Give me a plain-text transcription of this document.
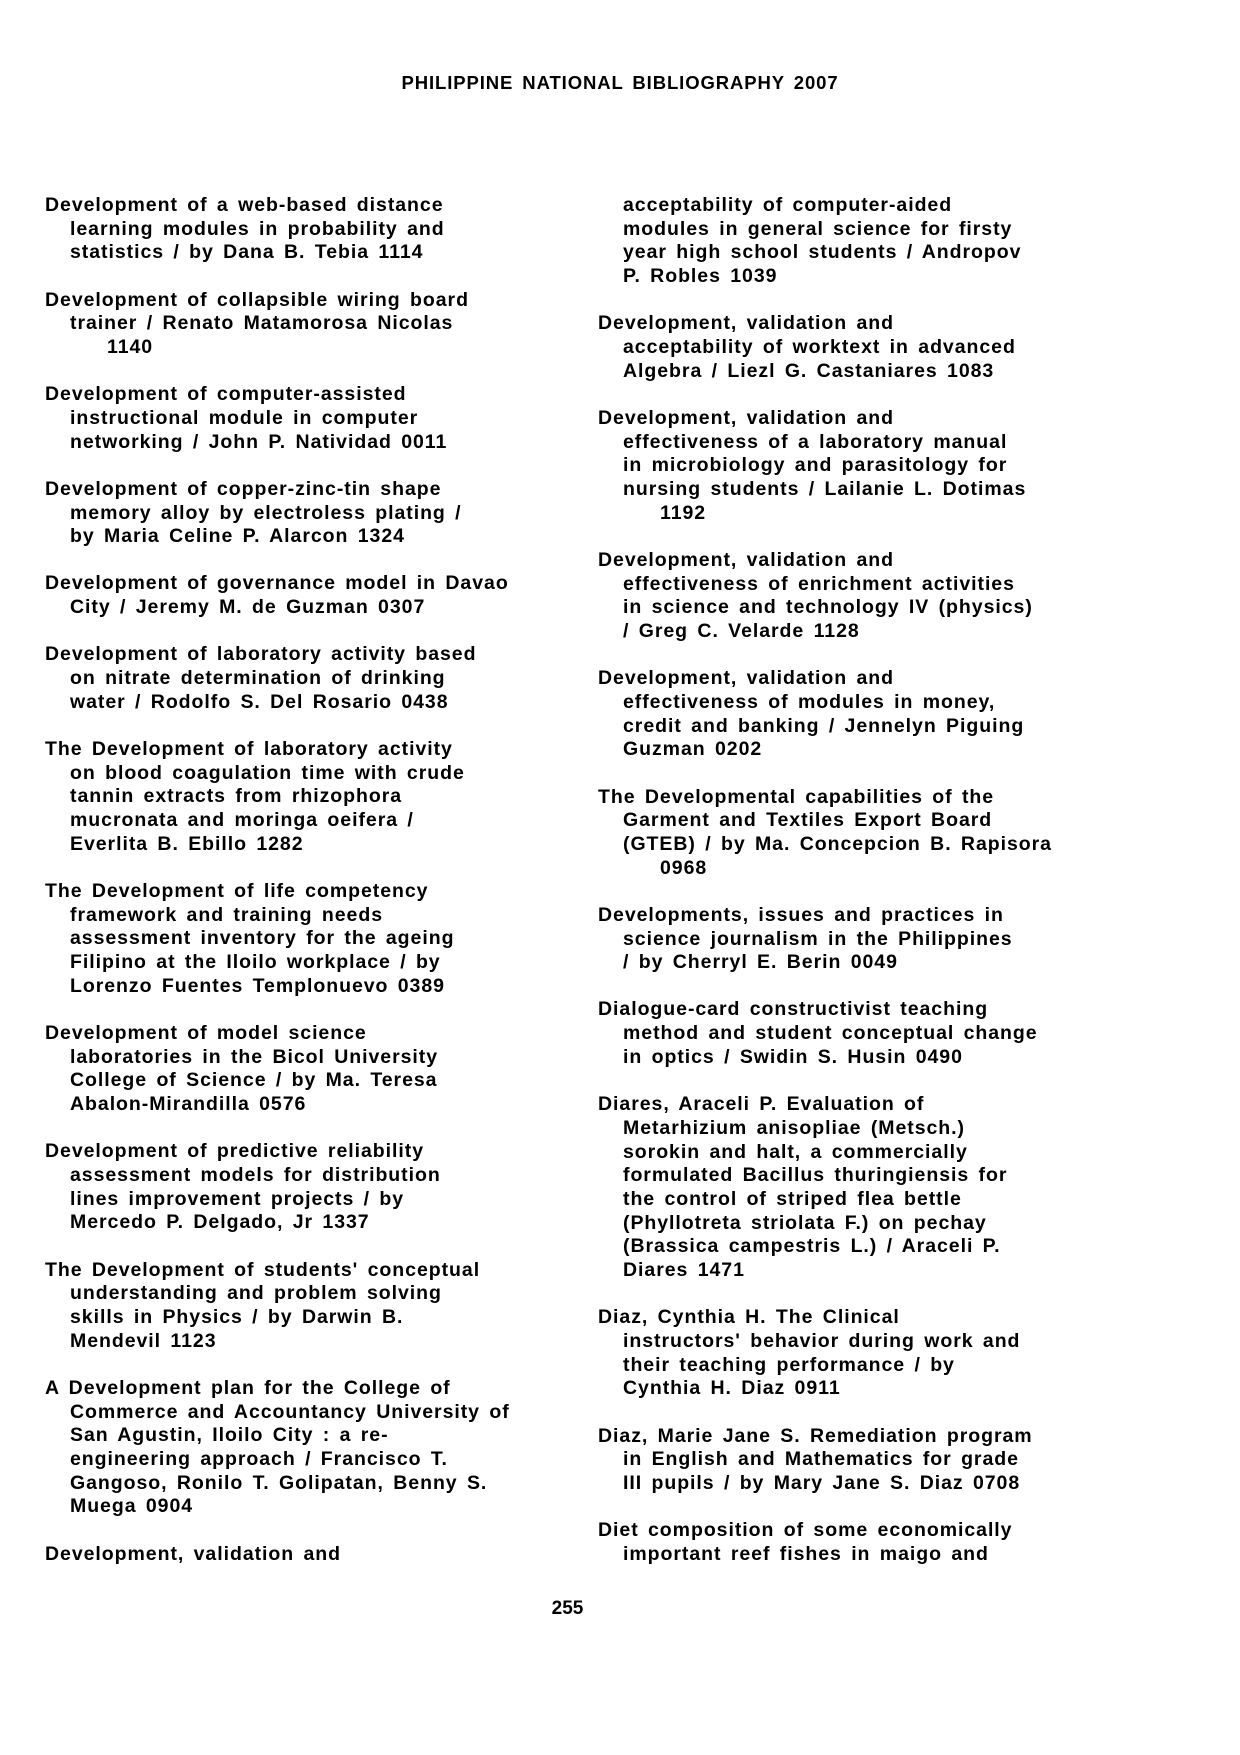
PHILIPPINE NATIONAL BIBLIOGRAPHY 2007
Development of a web-based distance
learning modules in probability and
statistics / by Dana B. Tebia 1114
Development of collapsible wiring board
trainer / Renato Matamorosa Nicolas
1140
Development of computer-assisted
instructional module in computer
networking / John P. Natividad 0011
Development of copper-zinc-tin shape
memory alloy by electroless plating /
by Maria Celine P. Alarcon 1324
Development of governance model in Davao
City / Jeremy M. de Guzman 0307
Development of laboratory activity based
on nitrate determination of drinking
water / Rodolfo S. Del Rosario 0438
The Development of laboratory activity
on blood coagulation time with crude
tannin extracts from rhizophora
mucronata and moringa oeifera /
Everlita B. Ebillo 1282
The Development of life competency
framework and training needs
assessment inventory for the ageing
Filipino at the Iloilo workplace / by
Lorenzo Fuentes Templonuevo 0389
Development of model science
laboratories in the Bicol University
College of Science / by Ma. Teresa
Abalon-Mirandilla 0576
Development of predictive reliability
assessment models for distribution
lines improvement projects / by
Mercedo P. Delgado, Jr 1337
The Development of students' conceptual
understanding and problem solving
skills in Physics / by Darwin B.
Mendevil 1123
A Development plan for the College of
Commerce and Accountancy University of
San Agustin, Iloilo City : a re-
engineering approach / Francisco T.
Gangoso, Ronilo T. Golipatan, Benny S.
Muega 0904
Development, validation and
acceptability of computer-aided
modules in general science for firsty
year high school students / Andropov
P. Robles 1039
Development, validation and
acceptability of worktext in advanced
Algebra / Liezl G. Castaniares 1083
Development, validation and
effectiveness of a laboratory manual
in microbiology and parasitology for
nursing students / Lailanie L. Dotimas
1192
Development, validation and
effectiveness of enrichment activities
in science and technology IV (physics)
/ Greg C. Velarde 1128
Development, validation and
effectiveness of modules in money,
credit and banking / Jennelyn Piguing
Guzman 0202
The Developmental capabilities of the
Garment and Textiles Export Board
(GTEB) / by Ma. Concepcion B. Rapisora
0968
Developments, issues and practices in
science journalism in the Philippines
/ by Cherryl E. Berin 0049
Dialogue-card constructivist teaching
method and student conceptual change
in optics / Swidin S. Husin 0490
Diares, Araceli P. Evaluation of
Metarhizium anisopliae (Metsch.)
sorokin and halt, a commercially
formulated Bacillus thuringiensis for
the control of striped flea bettle
(Phyllotreta striolata F.) on pechay
(Brassica campestris L.) / Araceli P.
Diares 1471
Diaz, Cynthia H. The Clinical
instructors' behavior during work and
their teaching performance / by
Cynthia H. Diaz 0911
Diaz, Marie Jane S. Remediation program
in English and Mathematics for grade
III pupils / by Mary Jane S. Diaz 0708
Diet composition of some economically
important reef fishes in maigo and
255
